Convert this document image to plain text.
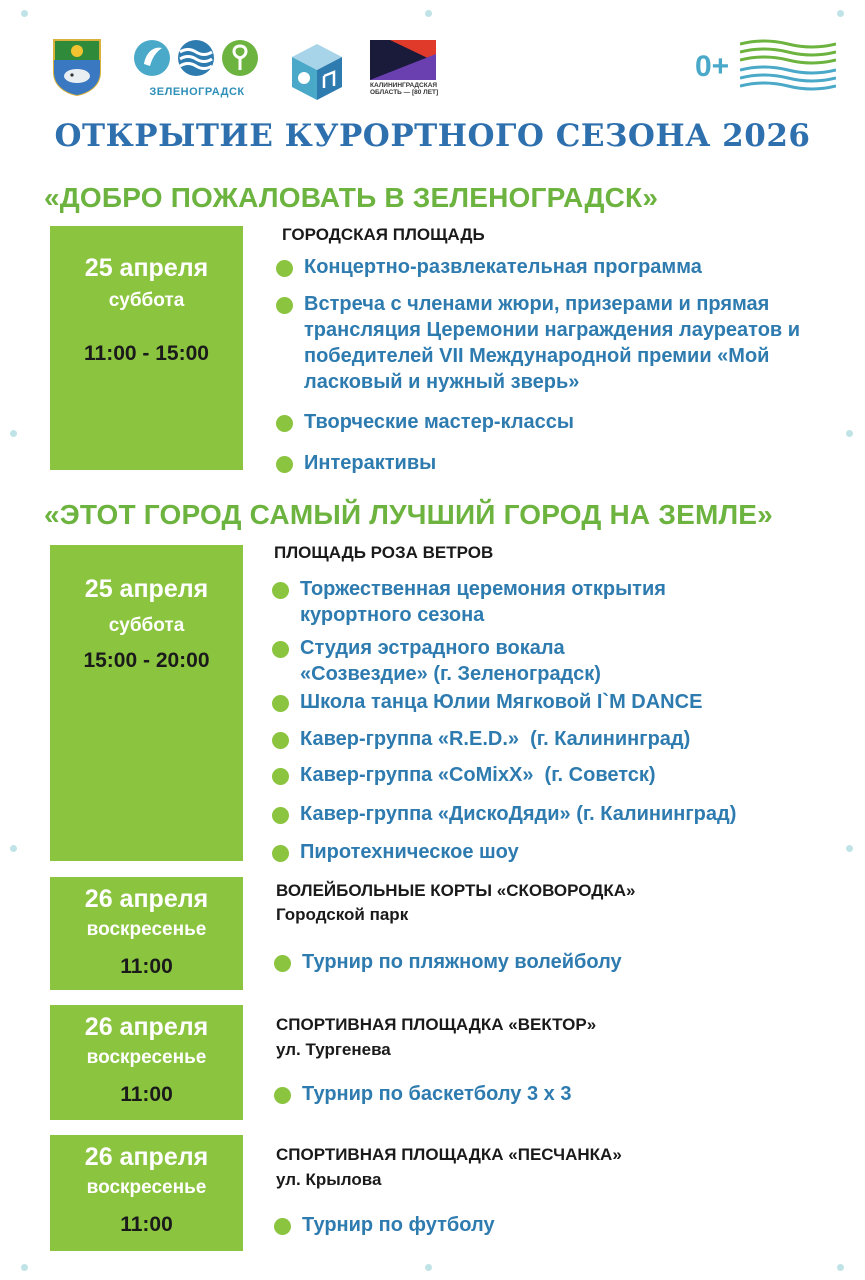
ЗЕЛЕНОГРАДСК
КАЛИНИНГРАДСКАЯ ОБЛАСТЬ — [80 ЛЕТ]
0+
ОТКРЫТИЕ КУРОРТНОГО СЕЗОНА 2026
«ДОБРО ПОЖАЛОВАТЬ В ЗЕЛЕНОГРАДСК»
25 апреля
суббота
11:00 - 15:00
ГОРОДСКАЯ ПЛОЩАДЬ
Концертно-развлекательная программа
Встреча с членами жюри, призерами и прямая трансляция Церемонии награждения лауреатов и победителей VII Международной премии «Мой ласковый и нужный зверь»
Творческие мастер-классы
Интерактивы
«ЭТОТ ГОРОД САМЫЙ ЛУЧШИЙ ГОРОД НА ЗЕМЛЕ»
25 апреля
суббота
15:00 - 20:00
ПЛОЩАДЬ РОЗА ВЕТРОВ
Торжественная церемония открытия курортного сезона
Студия эстрадного вокала «Созвездие» (г. Зеленоградск)
Школа танца Юлии Мягковой I`M DANCE
Кавер-группа «R.E.D.»  (г. Калининград)
Кавер-группа «CoMixX»  (г. Советск)
Кавер-группа «ДискоДяди» (г. Калининград)
Пиротехническое шоу
26 апреля
воскресенье
11:00
ВОЛЕЙБОЛЬНЫЕ КОРТЫ «СКОВОРОДКА»
Городской парк
Турнир по пляжному волейболу
26 апреля
воскресенье
11:00
СПОРТИВНАЯ ПЛОЩАДКА «ВЕКТОР»
ул. Тургенева
Турнир по баскетболу 3 х 3
26 апреля
воскресенье
11:00
СПОРТИВНАЯ ПЛОЩАДКА «ПЕСЧАНКА»
ул. Крылова
Турнир по футболу
